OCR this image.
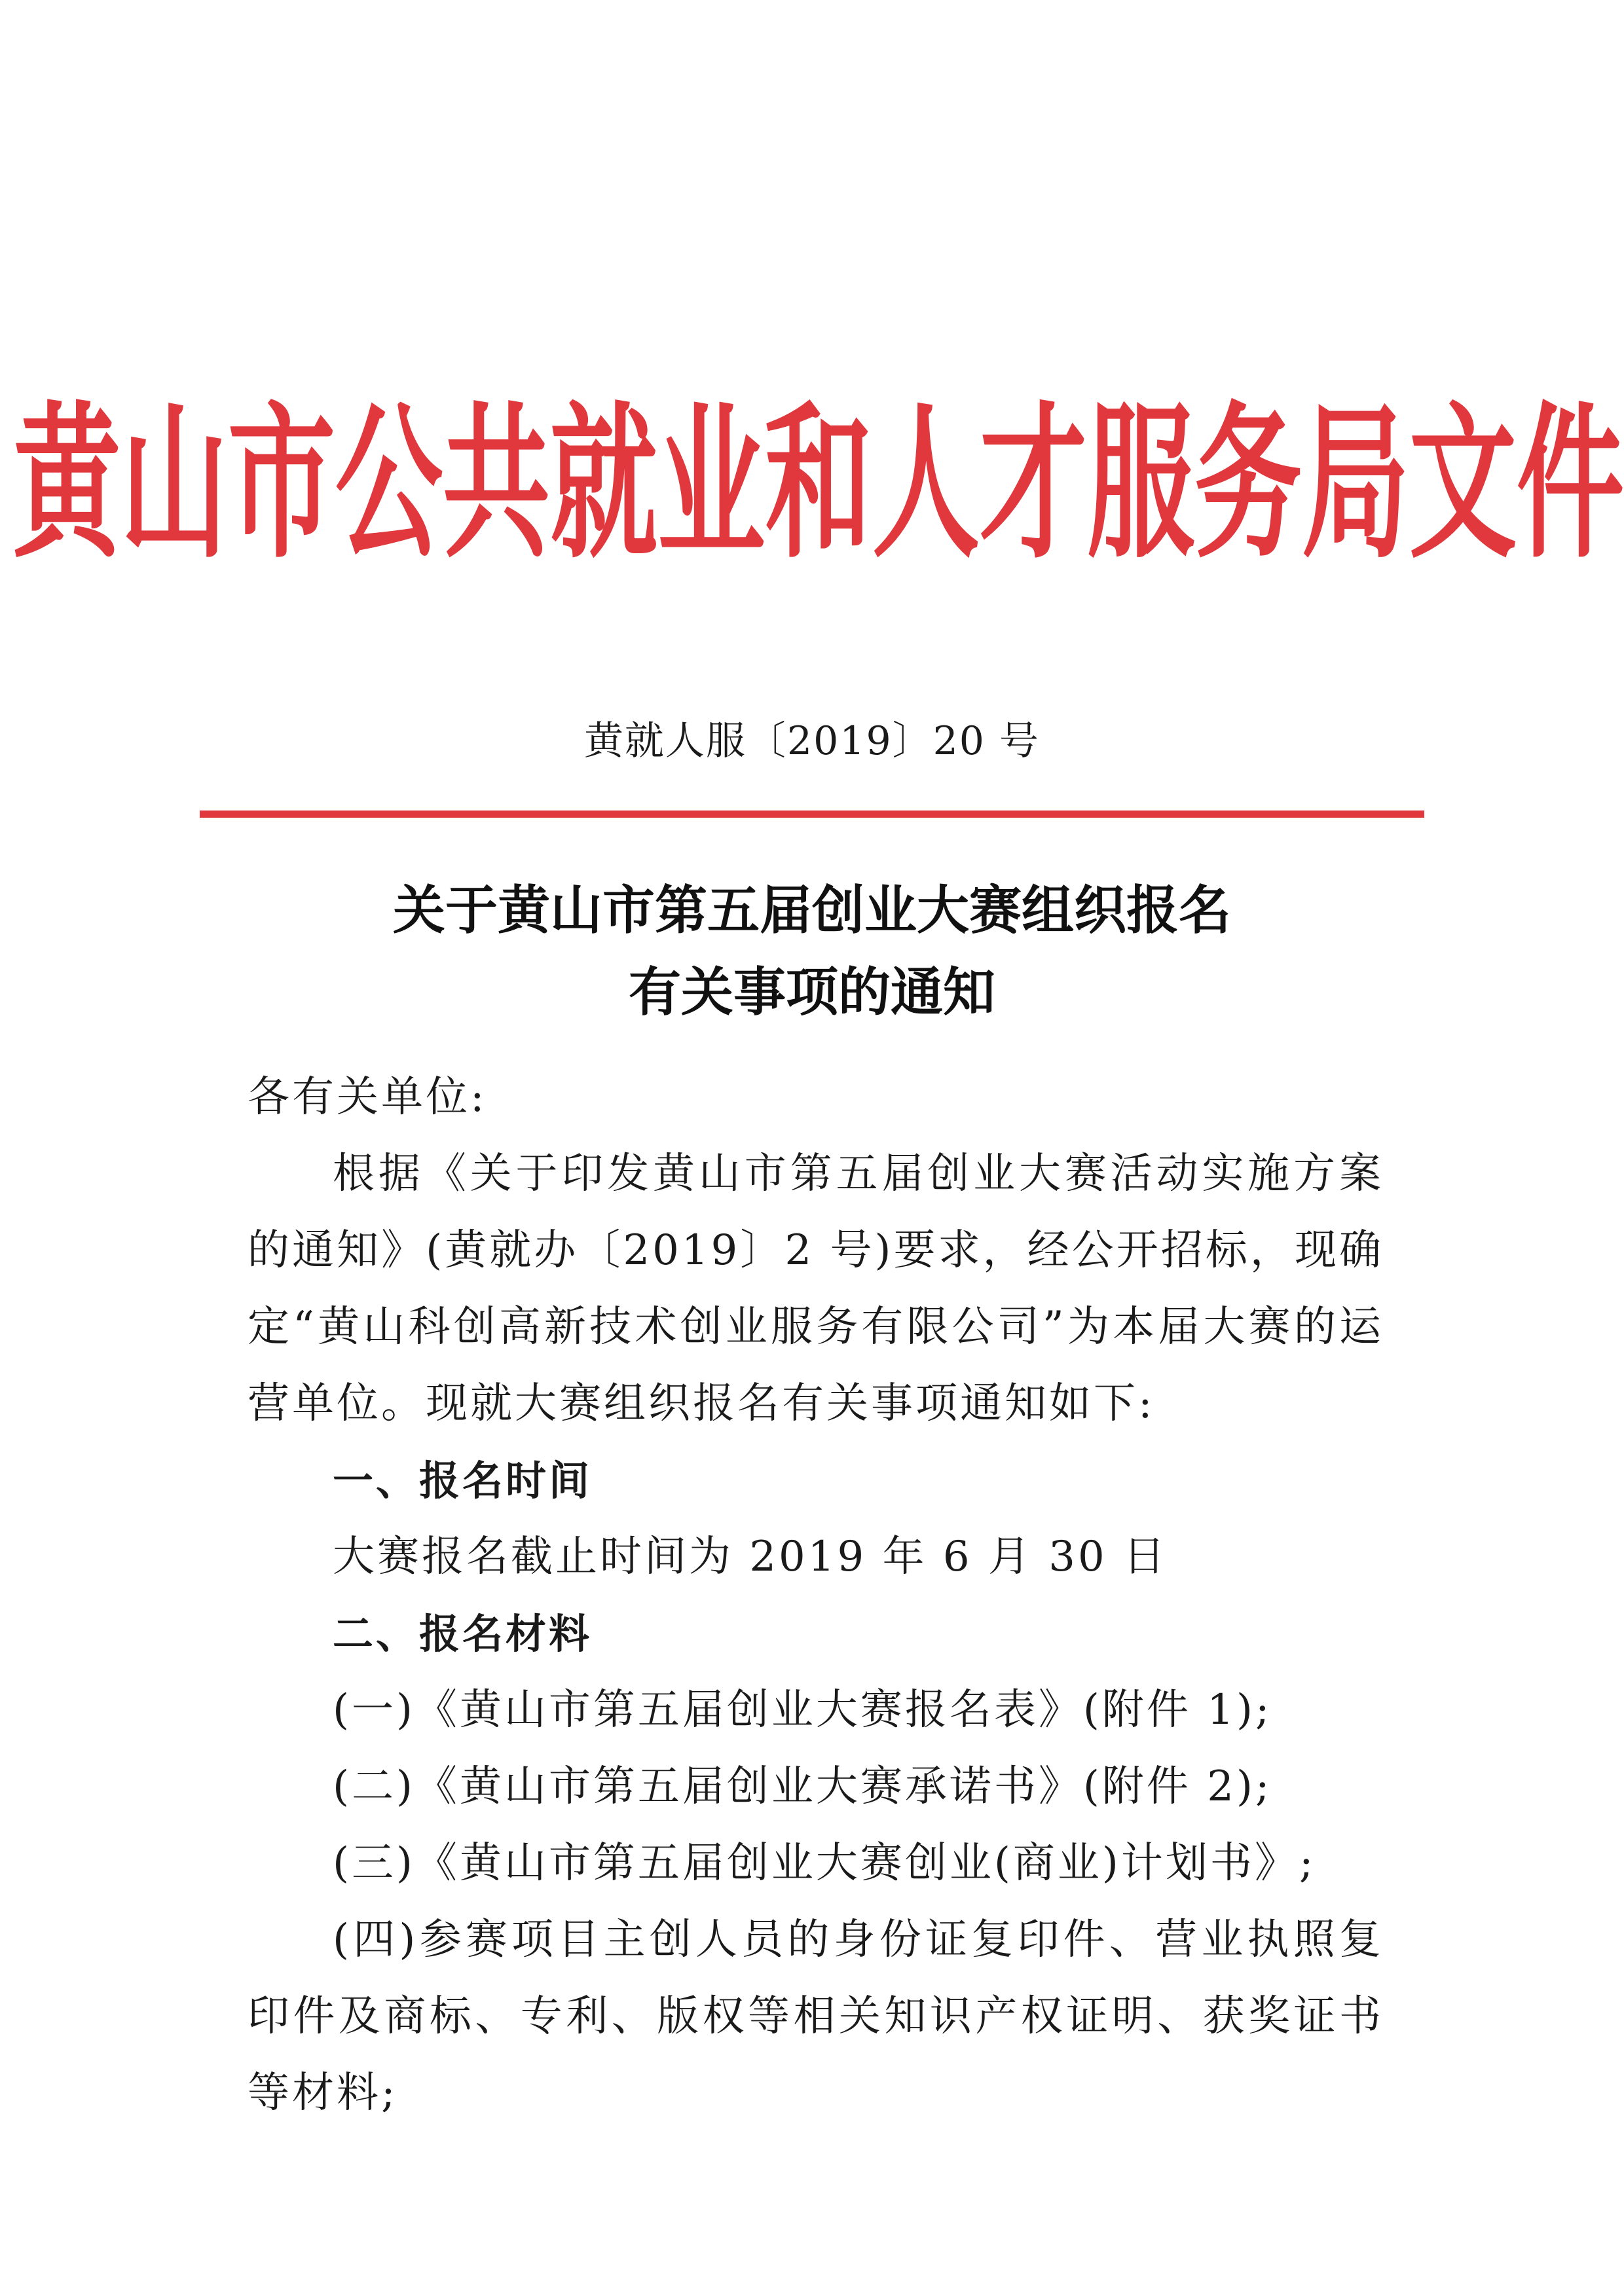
黄山市公共就业和人才服务局文件
黄就人服〔2019〕20 号
关于黄山市第五届创业大赛组织报名
有关事项的通知

各有关单位:

根据《关于印发黄山市第五届创业大赛活动实施方案的通知》(黄就办〔2019〕2 号)要求，经公开招标，现确定“黄山科创高新技术创业服务有限公司”为本届大赛的运营单位。现就大赛组织报名有关事项通知如下:

一、报名时间

大赛报名截止时间为 2019 年 6 月 30 日

二、报名材料

(一)《黄山市第五届创业大赛报名表》(附件 1);

(二)《黄山市第五届创业大赛承诺书》(附件 2);

(三)《黄山市第五届创业大赛创业(商业)计划书》;

(四)参赛项目主创人员的身份证复印件、营业执照复印件及商标、专利、版权等相关知识产权证明、获奖证书等材料;
